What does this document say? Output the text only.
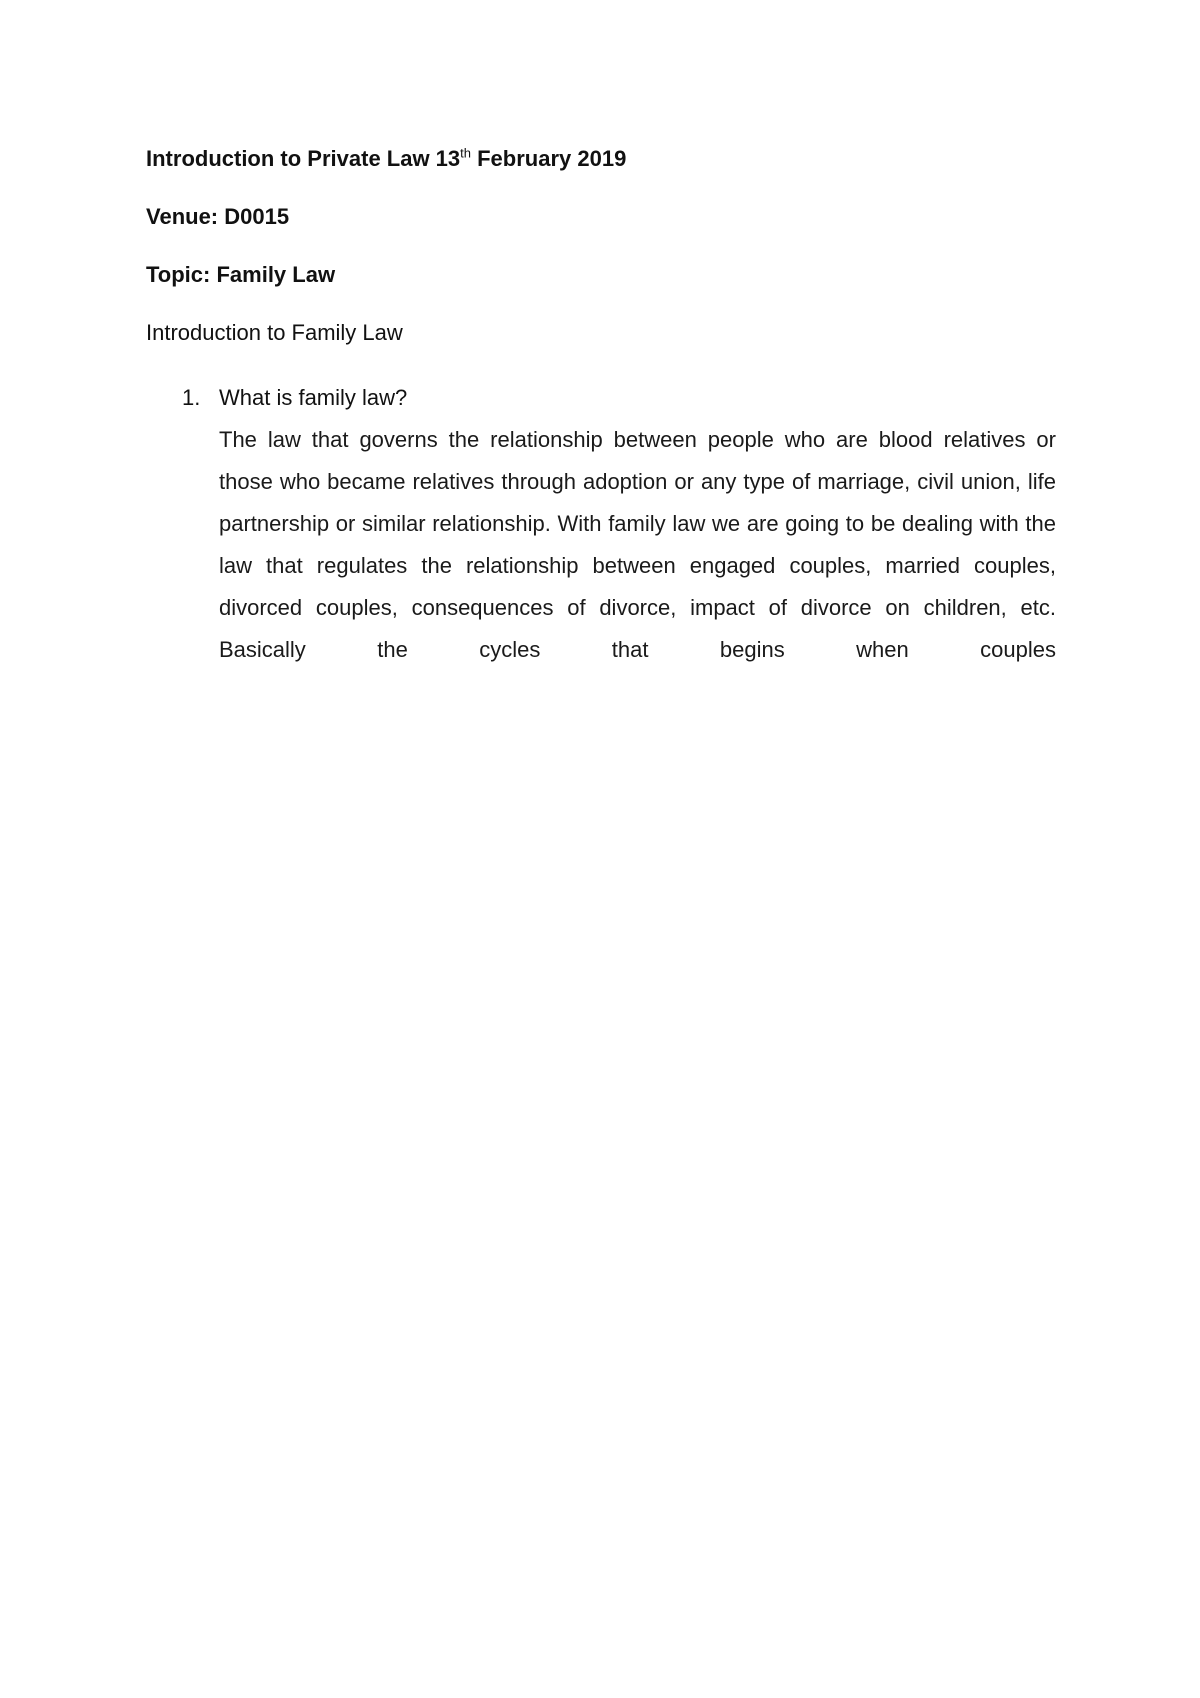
Introduction to Private Law 13th February 2019
Venue: D0015
Topic: Family Law
Introduction to Family Law
1. What is family law?
The law that governs the relationship between people who are blood relatives or those who became relatives through adoption or any type of marriage, civil union, life partnership or similar relationship. With family law we are going to be dealing with the law that regulates the relationship between engaged couples, married couples, divorced couples, consequences of divorce, impact of divorce on children, etc. Basically the cycles that begins when couples
